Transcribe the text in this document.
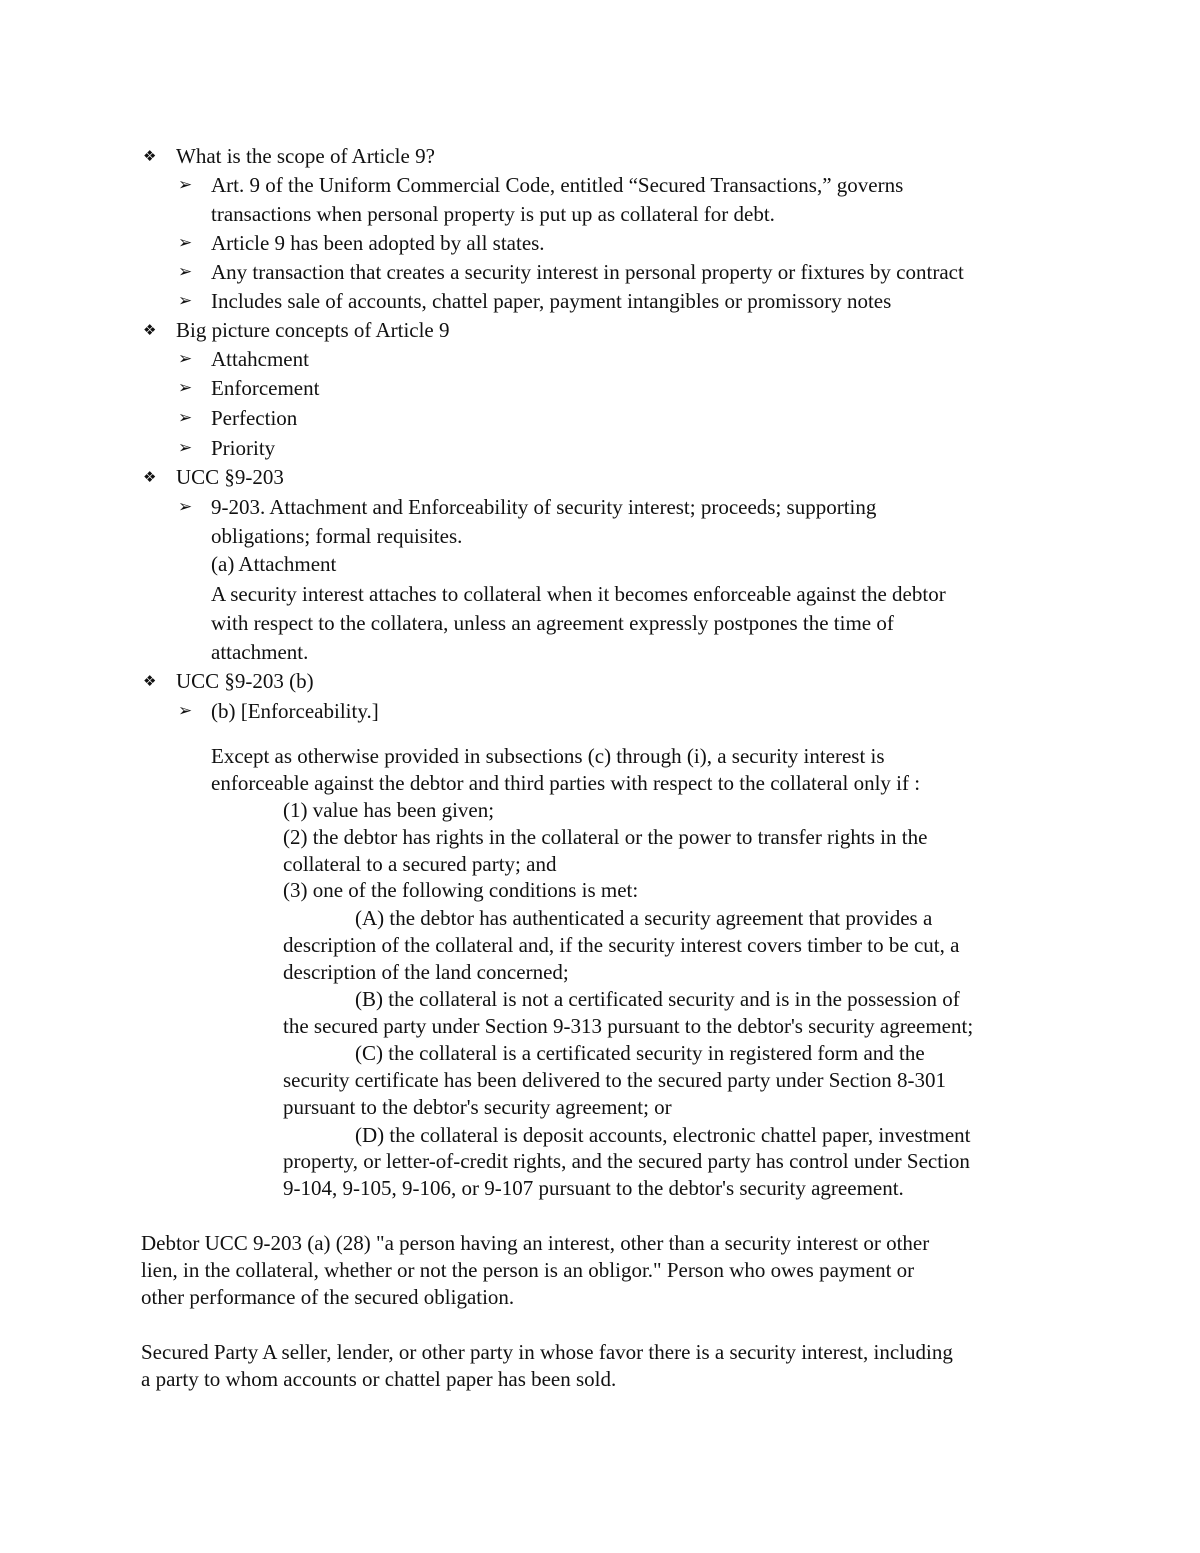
❖ What is the scope of Article 9?
➢ Art. 9 of the Uniform Commercial Code, entitled “Secured Transactions,” governs
transactions when personal property is put up as collateral for debt.
➢ Article 9 has been adopted by all states.
➢ Any transaction that creates a security interest in personal property or fixtures by contract
➢ Includes sale of accounts, chattel paper, payment intangibles or promissory notes
❖ Big picture concepts of Article 9
➢ Attahcment
➢ Enforcement
➢ Perfection
➢ Priority
❖ UCC §9-203
➢ 9-203. Attachment and Enforceability of security interest; proceeds; supporting
obligations; formal requisites.
(a) Attachment
A security interest attaches to collateral when it becomes enforceable against the debtor
with respect to the collatera, unless an agreement expressly postpones the time of
attachment.
❖ UCC §9-203 (b)
➢ (b) [Enforceability.]
Except as otherwise provided in subsections (c) through (i), a security interest is
enforceable against the debtor and third parties with respect to the collateral only if :
(1) value has been given;
(2) the debtor has rights in the collateral or the power to transfer rights in the
collateral to a secured party; and
(3) one of the following conditions is met:
(A) the debtor has authenticated a security agreement that provides a
description of the collateral and, if the security interest covers timber to be cut, a
description of the land concerned;
(B) the collateral is not a certificated security and is in the possession of
the secured party under Section 9-313 pursuant to the debtor's security agreement;
(C) the collateral is a certificated security in registered form and the
security certificate has been delivered to the secured party under Section 8-301
pursuant to the debtor's security agreement; or
(D) the collateral is deposit accounts, electronic chattel paper, investment
property, or letter-of-credit rights, and the secured party has control under Section
9-104, 9-105, 9-106, or 9-107 pursuant to the debtor's security agreement.
Debtor UCC 9-203 (a) (28) "a person having an interest, other than a security interest or other
lien, in the collateral, whether or not the person is an obligor." Person who owes payment or
other performance of the secured obligation.
Secured Party A seller, lender, or other party in whose favor there is a security interest, including
a party to whom accounts or chattel paper has been sold.
